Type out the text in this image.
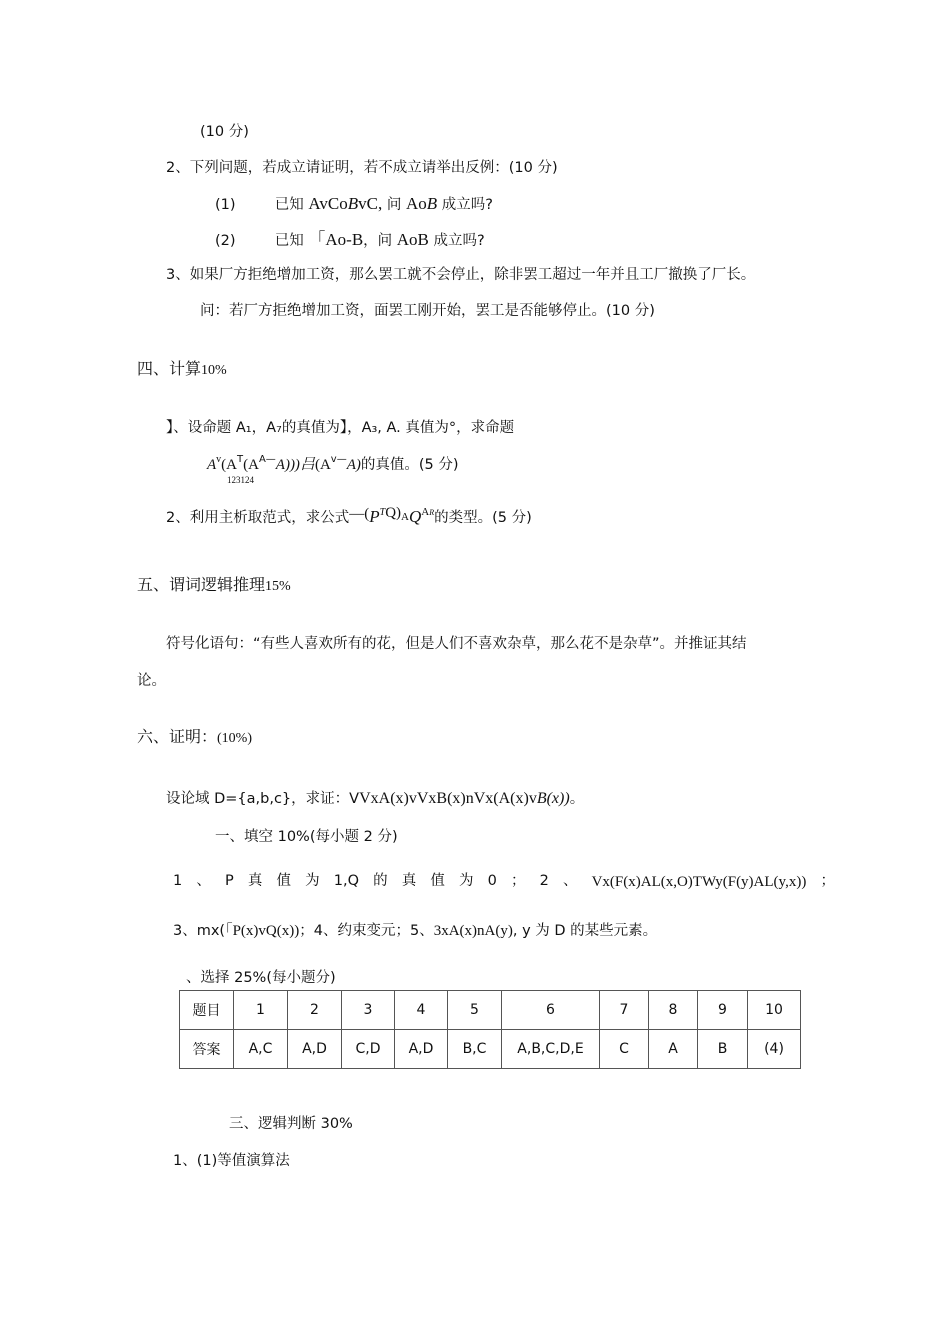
(10 分)
2、下列问题，若成立请证明，若不成立请举出反例：(10 分)
(1)	已知 AvCoBvC, 问 AoB 成立吗?
(2)	已知 「Ao-B，问 AoB 成立吗?
3、如果厂方拒绝增加工资，那么罢工就不会停止，除非罢工超过一年并且工厂撤换了厂长。
问：若厂方拒绝增加工资，面罢工刚开始，罢工是否能够停止。(10 分)
四、计算10%
】、设命题 A₁，A₇的真值为】，A₃, A. 真值为°，求命题
$A^v(A^T(A^{A—}A))$)吕$(A^{v—}A)$的真值。(5 分)
123124
2、利用主析取范式，求公式$—(P^TQ)AQ^{AR}$的类型。(5 分)
五、谓词逻辑推理15%
符号化语句：“有些人喜欢所有的花，但是人们不喜欢杂草，那么花不是杂草”。并推证其结
论。
六、证明：(10%)
设论域 D={a,b,c}，求证：VVxA(x)vVxB(x)nVx(A(x)vB(x))。
一、填空 10%(每小题 2 分)
1 、 P 真 值 为 1,Q 的 真 值 为 0 ； 2 、 Vx(F(x)AL(x,O)TWy(F(y)AL(y,x)) ；
3、mx(「P(x)vQ(x))；4、约束变元；5、3xA(x)nA(y), y 为 D 的某些元素。
、选择 25%(每小题分)
题目	1	2	3	4	5	6	7	8	9	10
答案	A,C	A,D	C,D	A,D	B,C	A,B,C,D,E	C	A	B	(4)
三、逻辑判断 30%
1、(1)等值演算法
